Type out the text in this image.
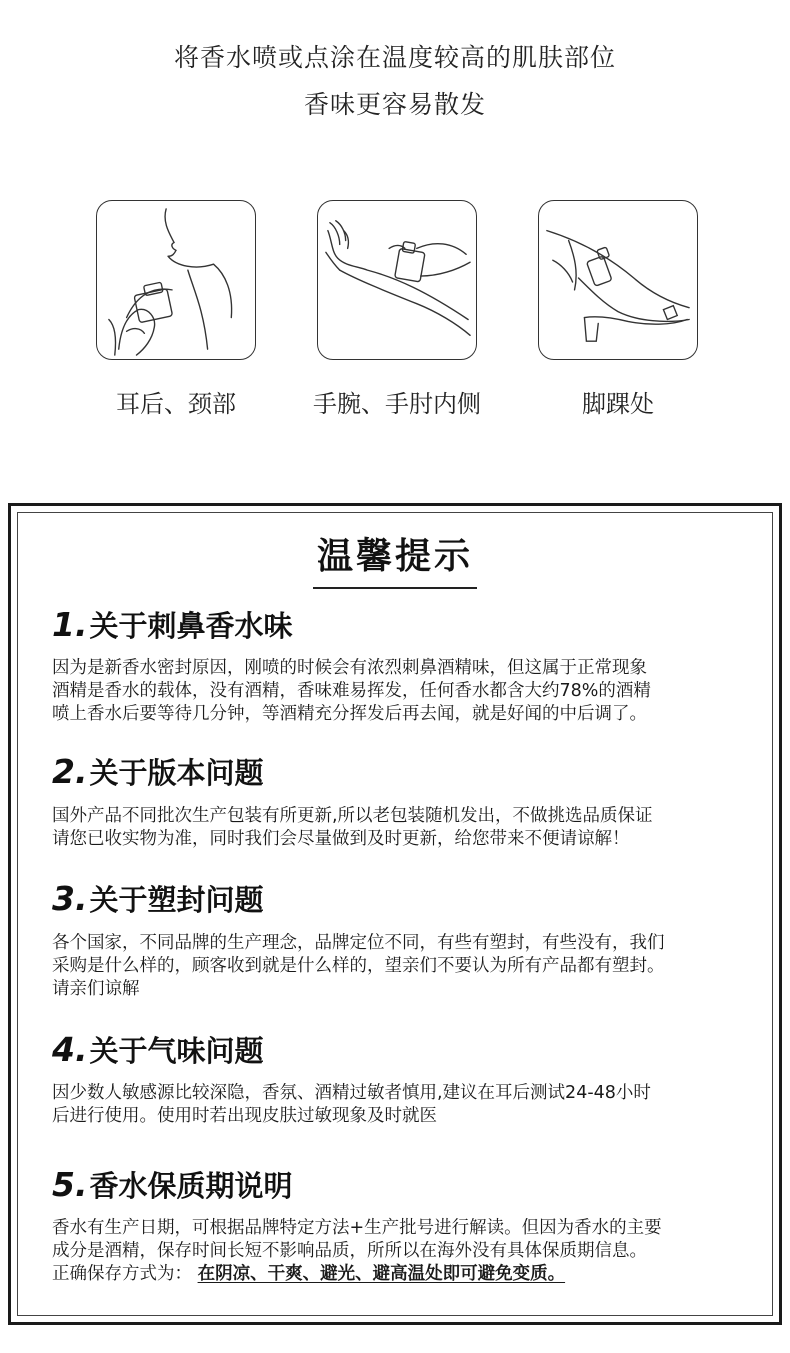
将香水喷或点涂在温度较高的肌肤部位
香味更容易散发
耳后、颈部	手腕、手肘内侧	脚踝处
温馨提示
1.关于刺鼻香水味
因为是新香水密封原因，刚喷的时候会有浓烈刺鼻酒精味，但这属于正常现象
酒精是香水的载体，没有酒精，香味难易挥发，任何香水都含大约78%的酒精
喷上香水后要等待几分钟，等酒精充分挥发后再去闻，就是好闻的中后调了。
2.关于版本问题
国外产品不同批次生产包装有所更新,所以老包装随机发出，不做挑选品质保证
请您已收实物为准，同时我们会尽量做到及时更新，给您带来不便请谅解！
3.关于塑封问题
各个国家，不同品牌的生产理念，品牌定位不同，有些有塑封，有些没有，我们
采购是什么样的，顾客收到就是什么样的，望亲们不要认为所有产品都有塑封。
请亲们谅解
4.关于气味问题
因少数人敏感源比较深隐，香氛、酒精过敏者慎用,建议在耳后测试24-48小时
后进行使用。使用时若出现皮肤过敏现象及时就医
5.香水保质期说明
香水有生产日期，可根据品牌特定方法+生产批号进行解读。但因为香水的主要
成分是酒精，保存时间长短不影响品质，所所以在海外没有具体保质期信息。
正确保存方式为： 在阴凉、干爽、避光、避高温处即可避免变质。
